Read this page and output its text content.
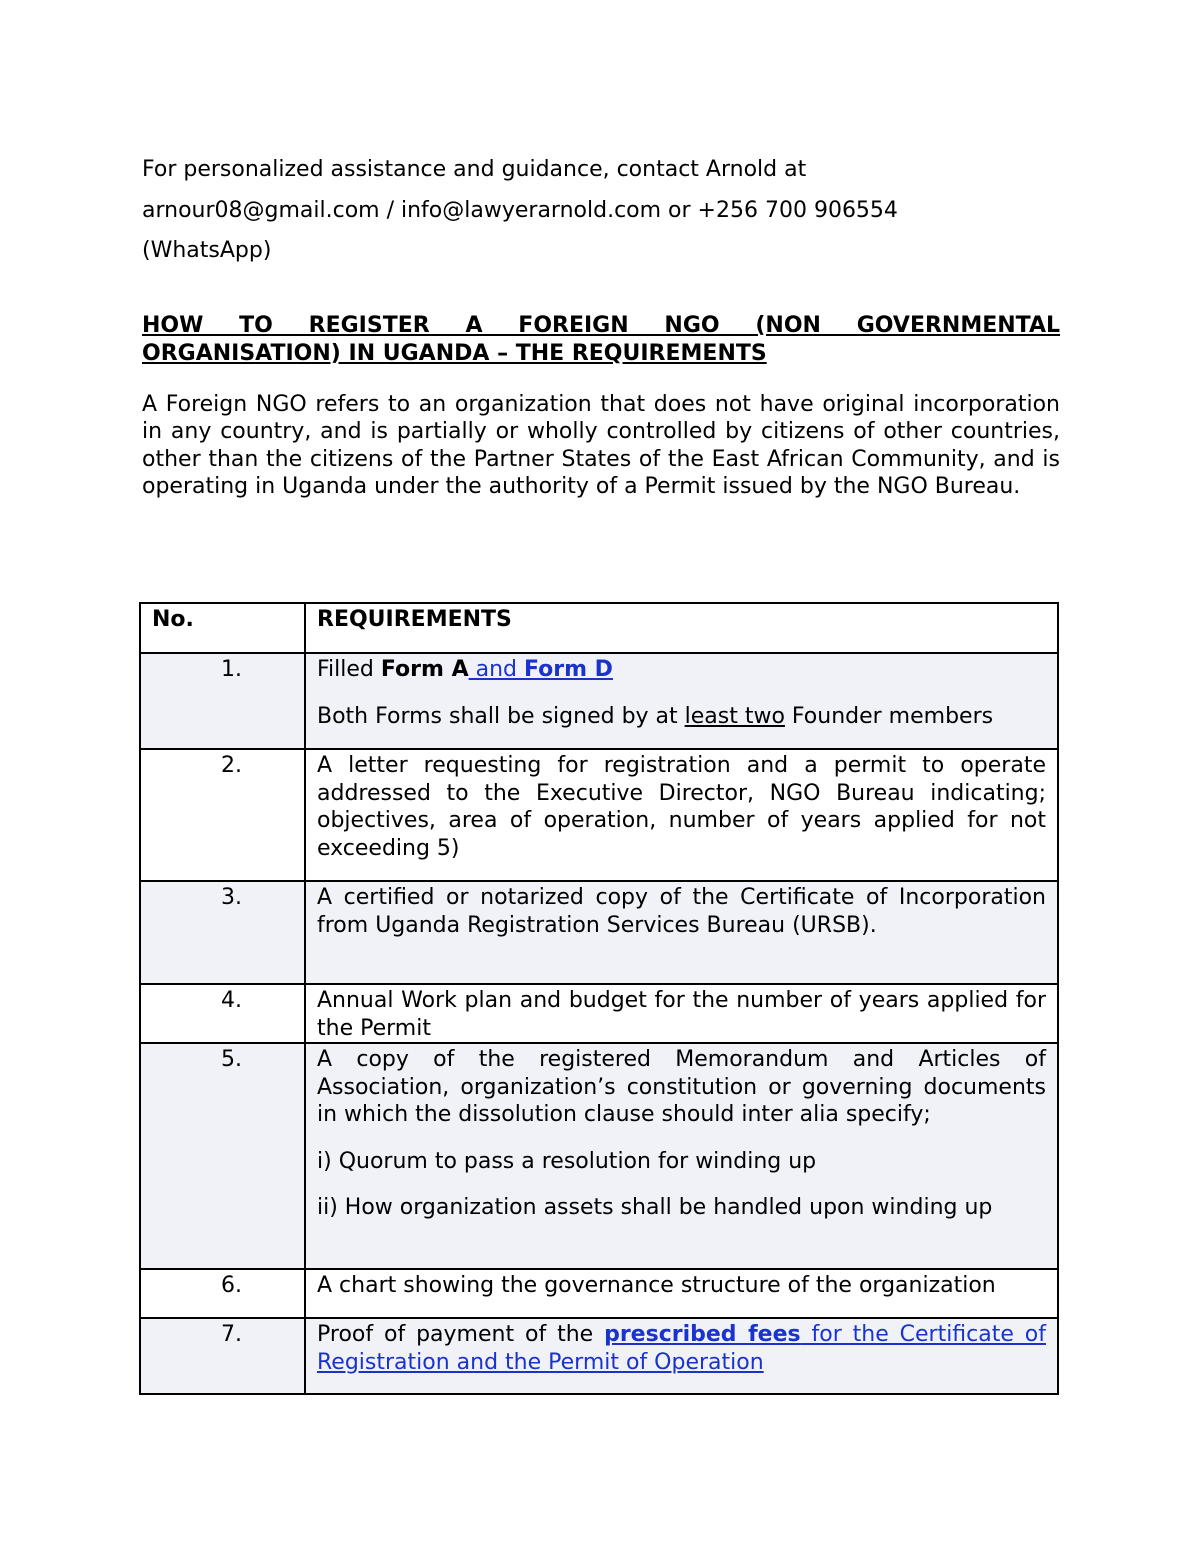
For personalized assistance and guidance, contact Arnold at

arnour08@gmail.com / info@lawyerarnold.com or +256 700 906554

(WhatsApp)

HOW TO REGISTER A FOREIGN NGO (NON GOVERNMENTAL ORGANISATION) IN UGANDA – THE REQUIREMENTS

A Foreign NGO refers to an organization that does not have original incorporation in any country, and is partially or wholly controlled by citizens of other countries, other than the citizens of the Partner States of the East African Community, and is operating in Uganda under the authority of a Permit issued by the NGO Bureau.

No.	REQUIREMENTS

1.	Filled Form A and Form D

Both Forms shall be signed by at least two Founder members

2.	A letter requesting for registration and a permit to operate addressed to the Executive Director, NGO Bureau indicating; objectives, area of operation, number of years applied for not exceeding 5)

3.	A certified or notarized copy of the Certificate of Incorporation from Uganda Registration Services Bureau (URSB).

4.	Annual Work plan and budget for the number of years applied for the Permit

5.	A copy of the registered Memorandum and Articles of Association, organization’s constitution or governing documents in which the dissolution clause should inter alia specify;

i) Quorum to pass a resolution for winding up

ii) How organization assets shall be handled upon winding up

6.	A chart showing the governance structure of the organization

7.	Proof of payment of the prescribed fees for the Certificate of Registration and the Permit of Operation
